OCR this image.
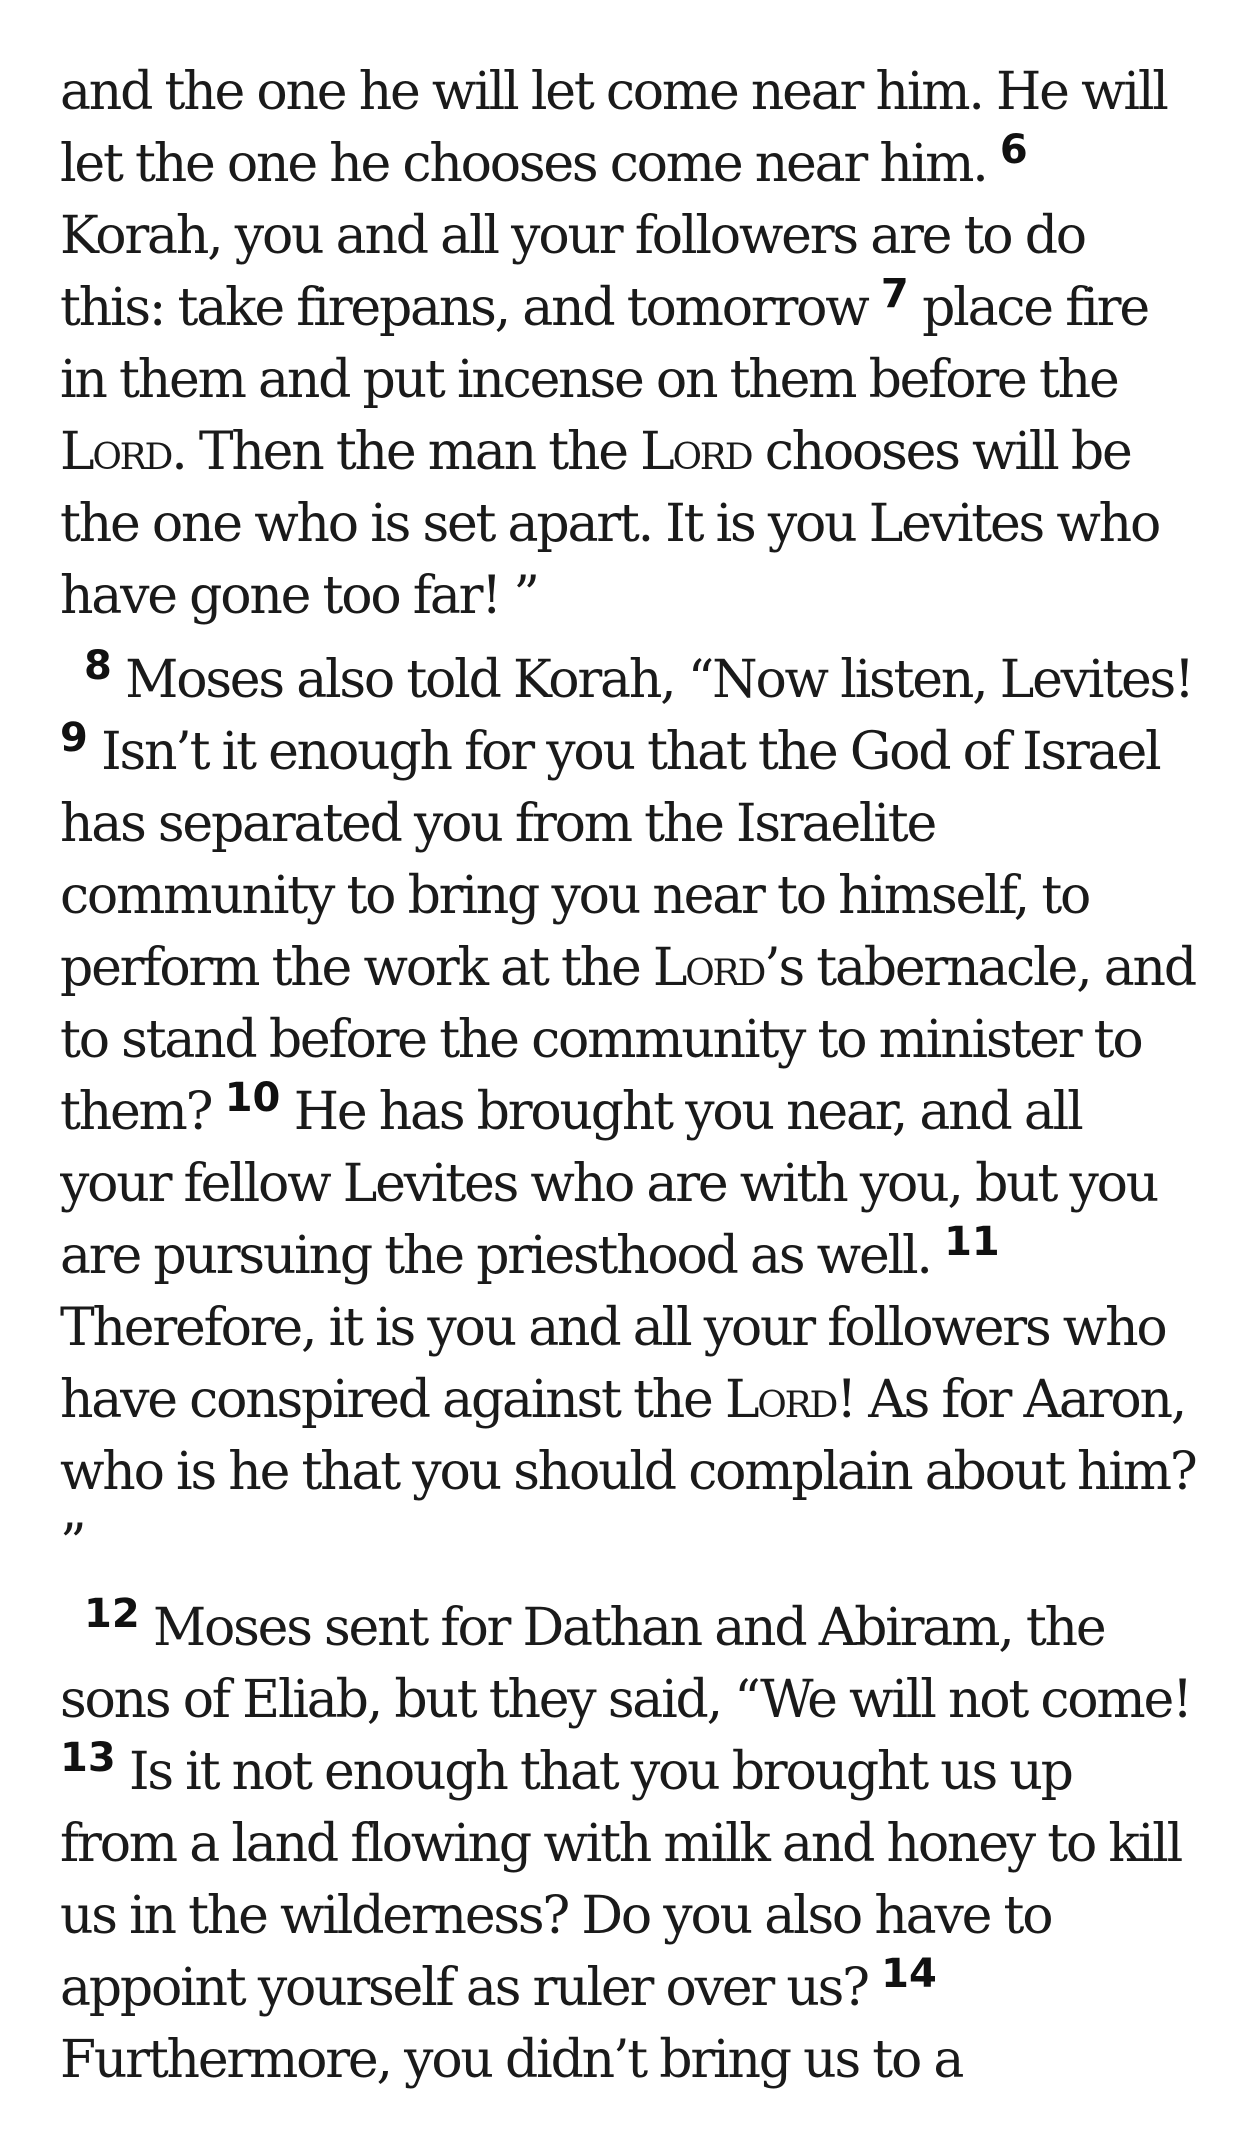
and the one he will let come near him. He will let the one he chooses come near him. $^6$ Korah, you and all your followers are to do this: take firepans, and tomorrow $^7$ place fire in them and put incense on them before the Lord. Then the man the Lord chooses will be the one who is set apart. It is you Levites who have gone too far! ”

$^8$ Moses also told Korah, “Now listen, Levites! $^9$ Isn’t it enough for you that the God of Israel has separated you from the Israelite community to bring you near to himself, to perform the work at the Lord’s tabernacle, and to stand before the community to minister to them? $^{10}$ He has brought you near, and all your fellow Levites who are with you, but you are pursuing the priesthood as well. $^{11}$ Therefore, it is you and all your followers who have conspired against the Lord! As for Aaron, who is he that you should complain about him? ”

$^{12}$ Moses sent for Dathan and Abiram, the sons of Eliab, but they said, “We will not come! $^{13}$ Is it not enough that you brought us up from a land flowing with milk and honey to kill us in the wilderness? Do you also have to appoint yourself as ruler over us? $^{14}$ Furthermore, you didn’t bring us to a
